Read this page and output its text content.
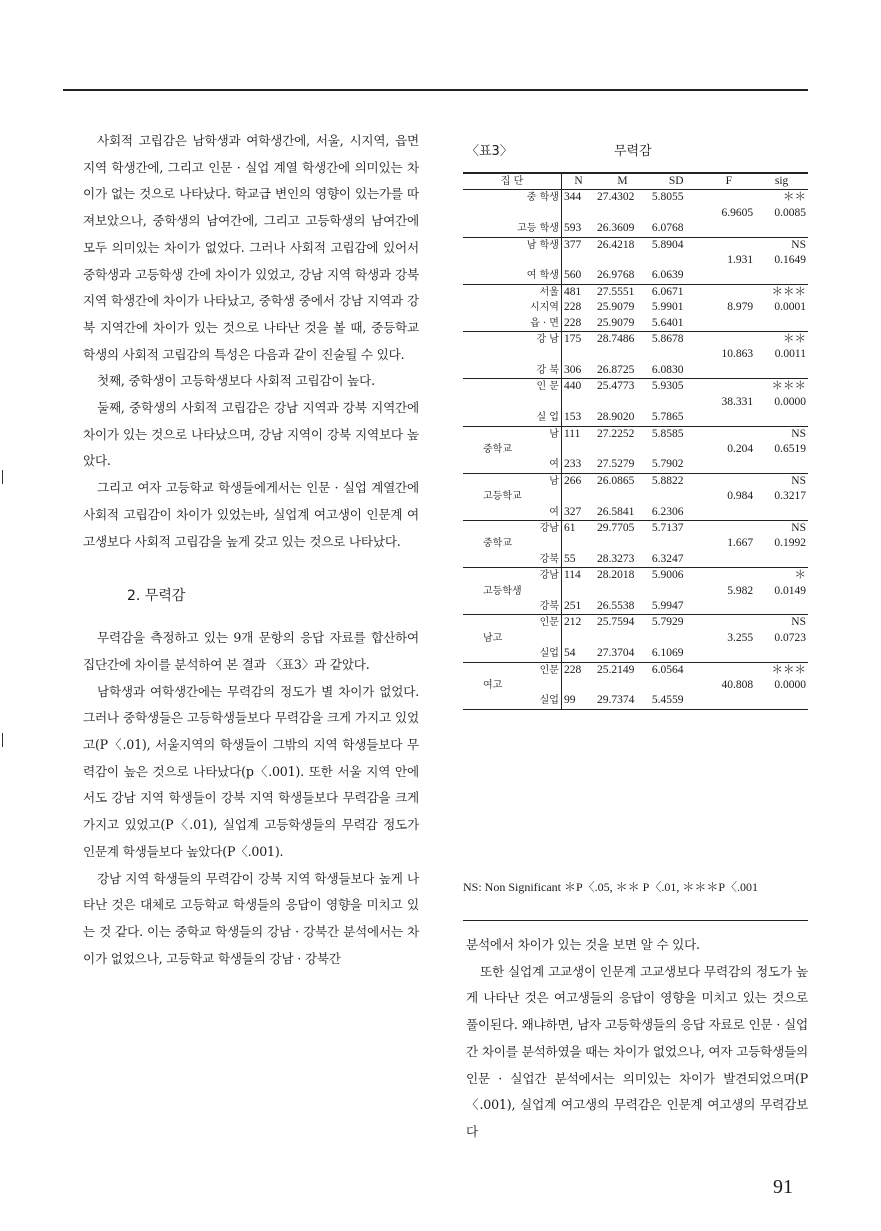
사회적 고립감은 남학생과 여학생간에, 서울, 시지역, 읍면 지역 학생간에, 그리고 인문 · 실업 계열 학생간에 의미있는 차이가 없는 것으로 나타났다. 학교급 변인의 영향이 있는가를 따져보았으나, 중학생의 남여간에, 그리고 고등학생의 남여간에 모두 의미있는 차이가 없었다. 그러나 사회적 고립감에 있어서 중학생과 고등학생 간에 차이가 있었고, 강남 지역 학생과 강북 지역 학생간에 차이가 나타났고, 중학생 중에서 강남 지역과 강북 지역간에 차이가 있는 것으로 나타난 것을 볼 때, 중등학교 학생의 사회적 고립감의 특성은 다음과 같이 진술될 수 있다.

첫째, 중학생이 고등학생보다 사회적 고립감이 높다.

둘째, 중학생의 사회적 고립감은 강남 지역과 강북 지역간에 차이가 있는 것으로 나타났으며, 강남 지역이 강북 지역보다 높았다.

그리고 여자 고등학교 학생들에게서는 인문 · 실업 계열간에 사회적 고립감이 차이가 있었는바, 실업계 여고생이 인문계 여고생보다 사회적 고립감을 높게 갖고 있는 것으로 나타났다.

2. 무력감

무력감을 측정하고 있는 9개 문항의 응답 자료를 합산하여 집단간에 차이를 분석하여 본 결과 〈표3〉과 같았다.

남학생과 여학생간에는 무력감의 정도가 별 차이가 없었다. 그러나 중학생들은 고등학생들보다 무력감을 크게 가지고 있었고(P〈.01), 서울지역의 학생들이 그밖의 지역 학생들보다 무력감이 높은 것으로 나타났다(p〈.001). 또한 서울 지역 안에서도 강남 지역 학생들이 강북 지역 학생들보다 무력감을 크게 가지고 있었고(P〈.01), 실업계 고등학생들의 무력감 정도가 인문계 학생들보다 높았다(P〈.001).

강남 지역 학생들의 무력감이 강북 지역 학생들보다 높게 나타난 것은 대체로 고등학교 학생들의 응답이 영향을 미치고 있는 것 같다. 이는 중학교 학생들의 강남 · 강북간 분석에서는 차이가 없었으나, 고등학교 학생들의 강남 · 강북간

〈표3〉	무력감
집 단	N	M	SD	F	sig
중 학생	344	27.4302	5.8055		＊＊
				6.9605	0.0085
고등 학생	593	26.3609	6.0768		
남 학생	377	26.4218	5.8904		NS
				1.931	0.1649
여 학생	560	26.9768	6.0639		
서울	481	27.5551	6.0671		＊＊＊
시지역	228	25.9079	5.9901	8.979	0.0001
읍 · 면	228	25.9079	5.6401		
강 남	175	28.7486	5.8678		＊＊
				10.863	0.0011
강 북	306	26.8725	6.0830		
인 문	440	25.4773	5.9305		＊＊＊
				38.331	0.0000
실 업	153	28.9020	5.7865		
남	111	27.2252	5.8585		NS

중학교				0.204	0.6519
여	233	27.5279	5.7902		
남	266	26.0865	5.8822		NS

고등학교				0.984	0.3217
여	327	26.5841	6.2306		
강남	61	29.7705	5.7137		NS

중학교				1.667	0.1992
강북	55	28.3273	6.3247		
강남	114	28.2018	5.9006		＊

고등학생				5.982	0.0149
강북	251	26.5538	5.9947		
인문	212	25.7594	5.7929		NS

남고				3.255	0.0723
실업	54	27.3704	6.1069		
인문	228	25.2149	6.0564		＊＊＊

여고				40.808	0.0000
실업	99	29.7374	5.4559		
NS: Non Significant ＊P〈.05, ＊＊ P〈.01, ＊＊＊P〈.001

분석에서 차이가 있는 것을 보면 알 수 있다.

또한 실업계 고교생이 인문계 고교생보다 무력감의 정도가 높게 나타난 것은 여고생들의 응답이 영향을 미치고 있는 것으로 풀이된다. 왜냐하면, 남자 고등학생들의 응답 자료로 인문 · 실업간 차이를 분석하였을 때는 차이가 없었으나, 여자 고등학생들의 인문 · 실업간 분석에서는 의미있는 차이가 발견되었으며(P〈.001), 실업계 여고생의 무력감은 인문계 여고생의 무력감보다

91
